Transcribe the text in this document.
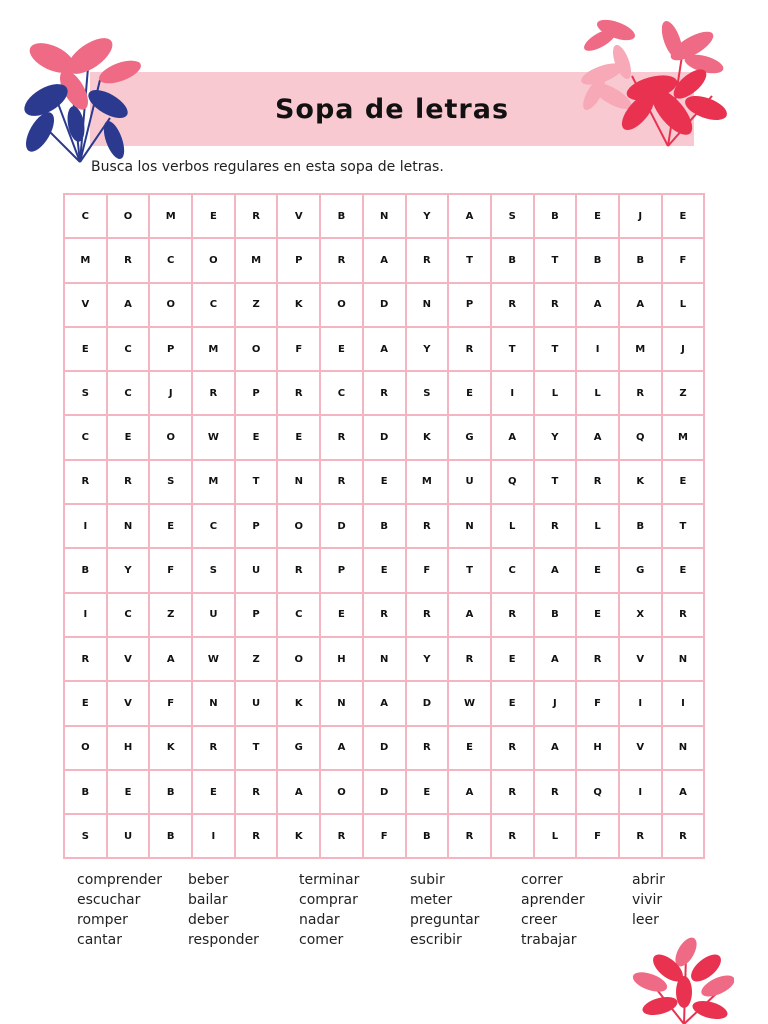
Sopa de letras
Busca los verbos regulares en esta sopa de letras.
C	O	M	E	R	V	B	N	Y	A	S	B	E	J	E
M	R	C	O	M	P	R	A	R	T	B	T	B	B	F
V	A	O	C	Z	K	O	D	N	P	R	R	A	A	L
E	C	P	M	O	F	E	A	Y	R	T	T	I	M	J
S	C	J	R	P	R	C	R	S	E	I	L	L	R	Z
C	E	O	W	E	E	R	D	K	G	A	Y	A	Q	M
R	R	S	M	T	N	R	E	M	U	Q	T	R	K	E
I	N	E	C	P	O	D	B	R	N	L	R	L	B	T
B	Y	F	S	U	R	P	E	F	T	C	A	E	G	E
I	C	Z	U	P	C	E	R	R	A	R	B	E	X	R
R	V	A	W	Z	O	H	N	Y	R	E	A	R	V	N
E	V	F	N	U	K	N	A	D	W	E	J	F	I	I
O	H	K	R	T	G	A	D	R	E	R	A	H	V	N
B	E	B	E	R	A	O	D	E	A	R	R	Q	I	A
S	U	B	I	R	K	R	F	B	R	R	L	F	R	R
comprender	beber	terminar	subir	correr	abrir
escuchar	bailar	comprar	meter	aprender	vivir
romper	deber	nadar	preguntar	creer	leer
cantar	responder	comer	escribir	trabajar
